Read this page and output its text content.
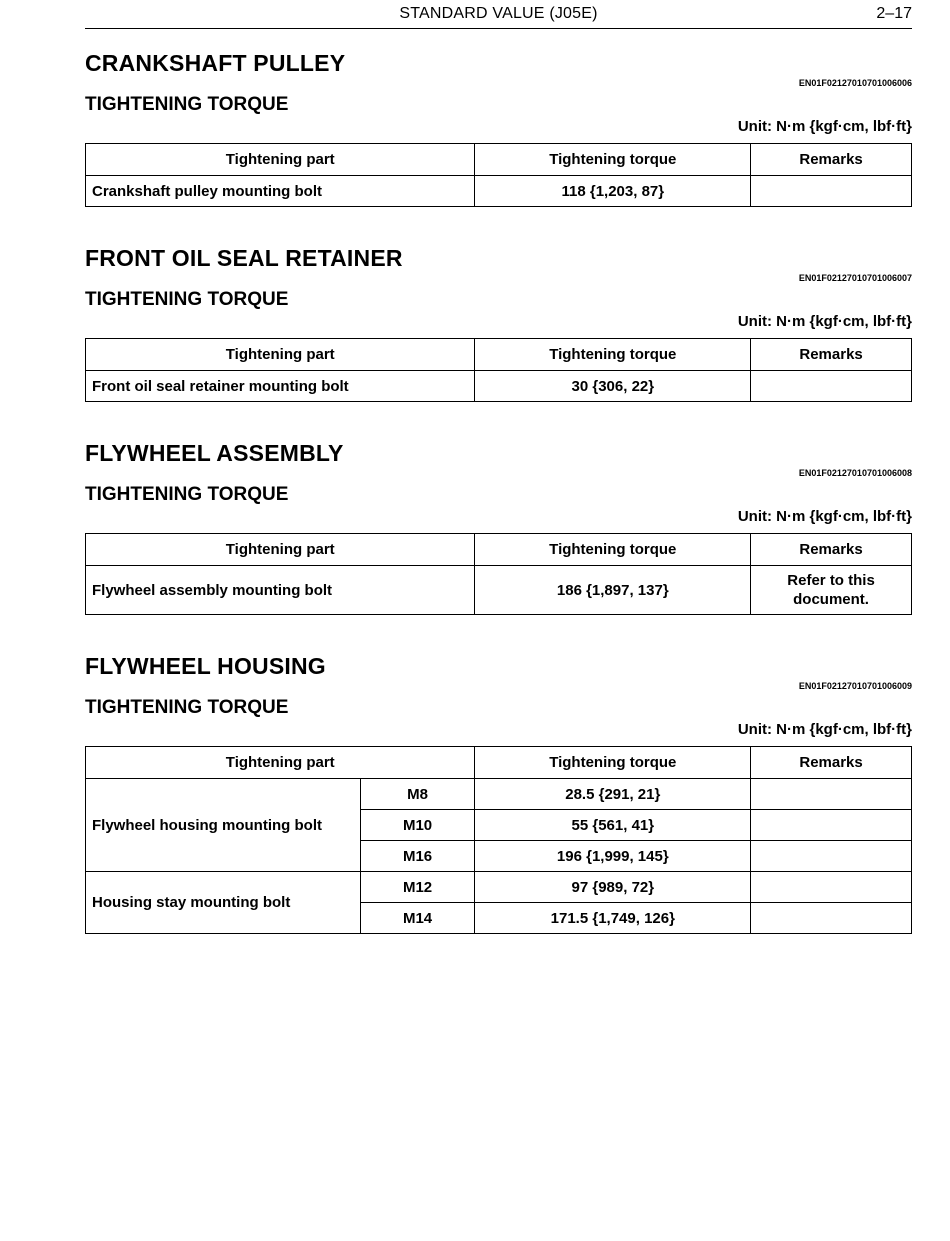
STANDARD VALUE (J05E)	2–17
CRANKSHAFT PULLEY
EN01F02127010701006006
TIGHTENING TORQUE
Unit: N·m {kgf·cm, lbf·ft}
Tightening part	Tightening torque	Remarks
Crankshaft pulley mounting bolt	118 {1,203, 87}	
FRONT OIL SEAL RETAINER
EN01F02127010701006007
TIGHTENING TORQUE
Unit: N·m {kgf·cm, lbf·ft}
Tightening part	Tightening torque	Remarks
Front oil seal retainer mounting bolt	30 {306, 22}	
FLYWHEEL ASSEMBLY
EN01F02127010701006008
TIGHTENING TORQUE
Unit: N·m {kgf·cm, lbf·ft}
Tightening part	Tightening torque	Remarks
Flywheel assembly mounting bolt	186 {1,897, 137}	Refer to this
document.
FLYWHEEL HOUSING
EN01F02127010701006009
TIGHTENING TORQUE
Unit: N·m {kgf·cm, lbf·ft}
Tightening part		Tightening torque	Remarks
Flywheel housing mounting bolt	M8	28.5 {291, 21}	
	M10	55 {561, 41}	
	M16	196 {1,999, 145}	
Housing stay mounting bolt	M12	97 {989, 72}	
	M14	171.5 {1,749, 126}	
